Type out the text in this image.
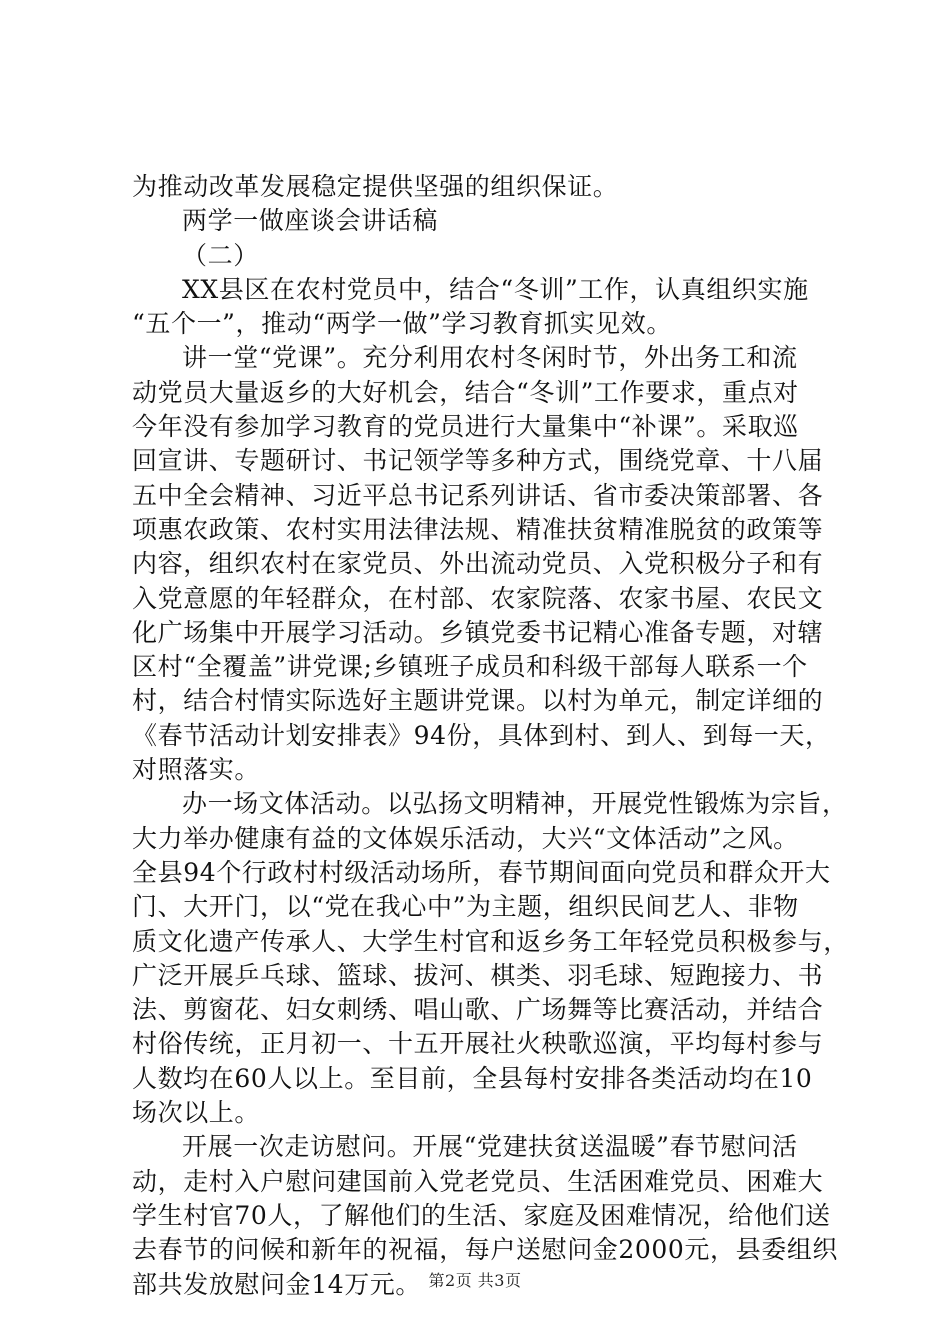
为推动改革发展稳定提供坚强的组织保证。
两学一做座谈会讲话稿
（二）
XX县区在农村党员中，结合“冬训”工作，认真组织实施
“五个一”，推动“两学一做”学习教育抓实见效。
讲一堂“党课”。充分利用农村冬闲时节，外出务工和流
动党员大量返乡的大好机会，结合“冬训”工作要求，重点对
今年没有参加学习教育的党员进行大量集中“补课”。采取巡
回宣讲、专题研讨、书记领学等多种方式，围绕党章、十八届
五中全会精神、习近平总书记系列讲话、省市委决策部署、各
项惠农政策、农村实用法律法规、精准扶贫精准脱贫的政策等
内容，组织农村在家党员、外出流动党员、入党积极分子和有
入党意愿的年轻群众，在村部、农家院落、农家书屋、农民文
化广场集中开展学习活动。乡镇党委书记精心准备专题，对辖
区村“全覆盖”讲党课;乡镇班子成员和科级干部每人联系一个
村，结合村情实际选好主题讲党课。以村为单元，制定详细的
《春节活动计划安排表》94份，具体到村、到人、到每一天，
对照落实。
办一场文体活动。以弘扬文明精神，开展党性锻炼为宗旨，
大力举办健康有益的文体娱乐活动，大兴“文体活动”之风。
全县94个行政村村级活动场所，春节期间面向党员和群众开大
门、大开门，以“党在我心中”为主题，组织民间艺人、非物
质文化遗产传承人、大学生村官和返乡务工年轻党员积极参与，
广泛开展乒乓球、篮球、拔河、棋类、羽毛球、短跑接力、书
法、剪窗花、妇女刺绣、唱山歌、广场舞等比赛活动，并结合
村俗传统，正月初一、十五开展社火秧歌巡演，平均每村参与
人数均在60人以上。至目前，全县每村安排各类活动均在10
场次以上。
开展一次走访慰问。开展“党建扶贫送温暖”春节慰问活
动，走村入户慰问建国前入党老党员、生活困难党员、困难大
学生村官70人，了解他们的生活、家庭及困难情况，给他们送
去春节的问候和新年的祝福，每户送慰问金2000元，县委组织
部共发放慰问金14万元。 第2页 共3页
